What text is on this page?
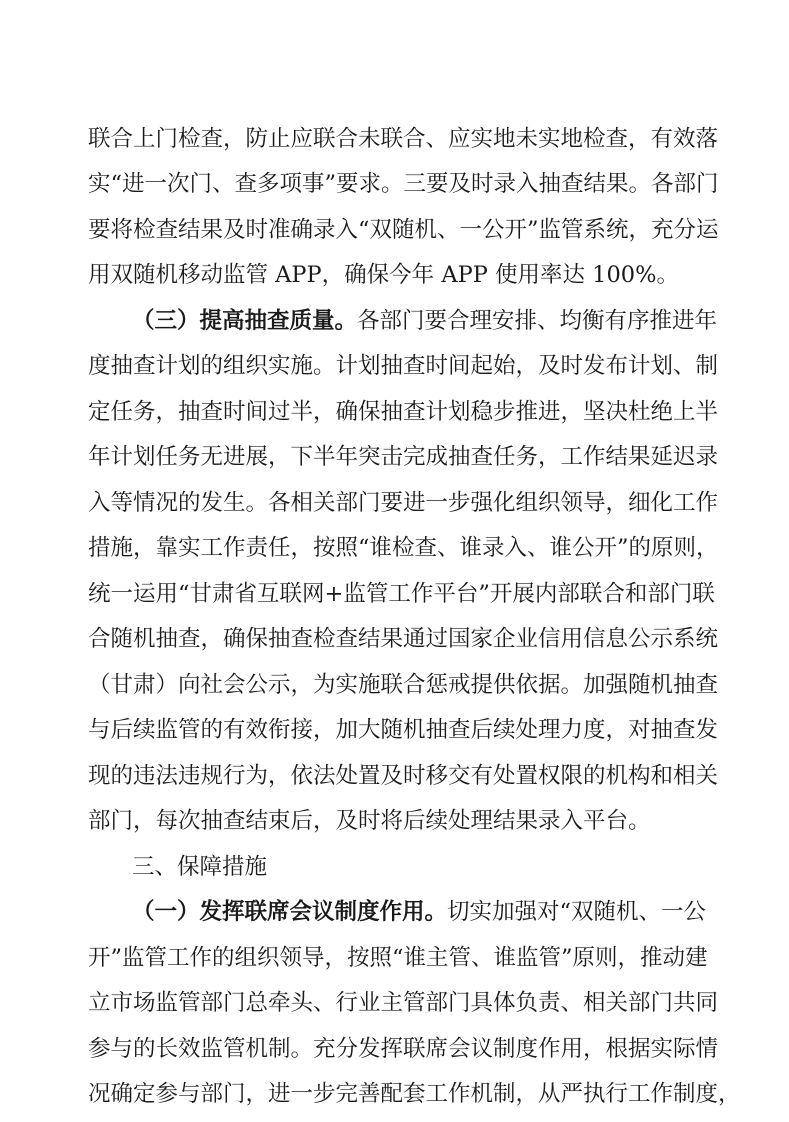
联合上门检查，防止应联合未联合、应实地未实地检查，有效落
实“进一次门、查多项事”要求。三要及时录入抽查结果。各部门
要将检查结果及时准确录入“双随机、一公开”监管系统，充分运
用双随机移动监管 APP，确保今年 APP 使用率达 100%。
（三）提高抽查质量。各部门要合理安排、均衡有序推进年
度抽查计划的组织实施。计划抽查时间起始，及时发布计划、制
定任务，抽查时间过半，确保抽查计划稳步推进，坚决杜绝上半
年计划任务无进展，下半年突击完成抽查任务，工作结果延迟录
入等情况的发生。各相关部门要进一步强化组织领导，细化工作
措施，靠实工作责任，按照“谁检查、谁录入、谁公开”的原则，
统一运用“甘肃省互联网+监管工作平台”开展内部联合和部门联
合随机抽查，确保抽查检查结果通过国家企业信用信息公示系统
（甘肃）向社会公示，为实施联合惩戒提供依据。加强随机抽查
与后续监管的有效衔接，加大随机抽查后续处理力度，对抽查发
现的违法违规行为，依法处置及时移交有处置权限的机构和相关
部门，每次抽查结束后，及时将后续处理结果录入平台。
三、保障措施
（一）发挥联席会议制度作用。切实加强对“双随机、一公
开”监管工作的组织领导，按照“谁主管、谁监管”原则，推动建
立市场监管部门总牵头、行业主管部门具体负责、相关部门共同
参与的长效监管机制。充分发挥联席会议制度作用，根据实际情
况确定参与部门，进一步完善配套工作机制，从严执行工作制度，
